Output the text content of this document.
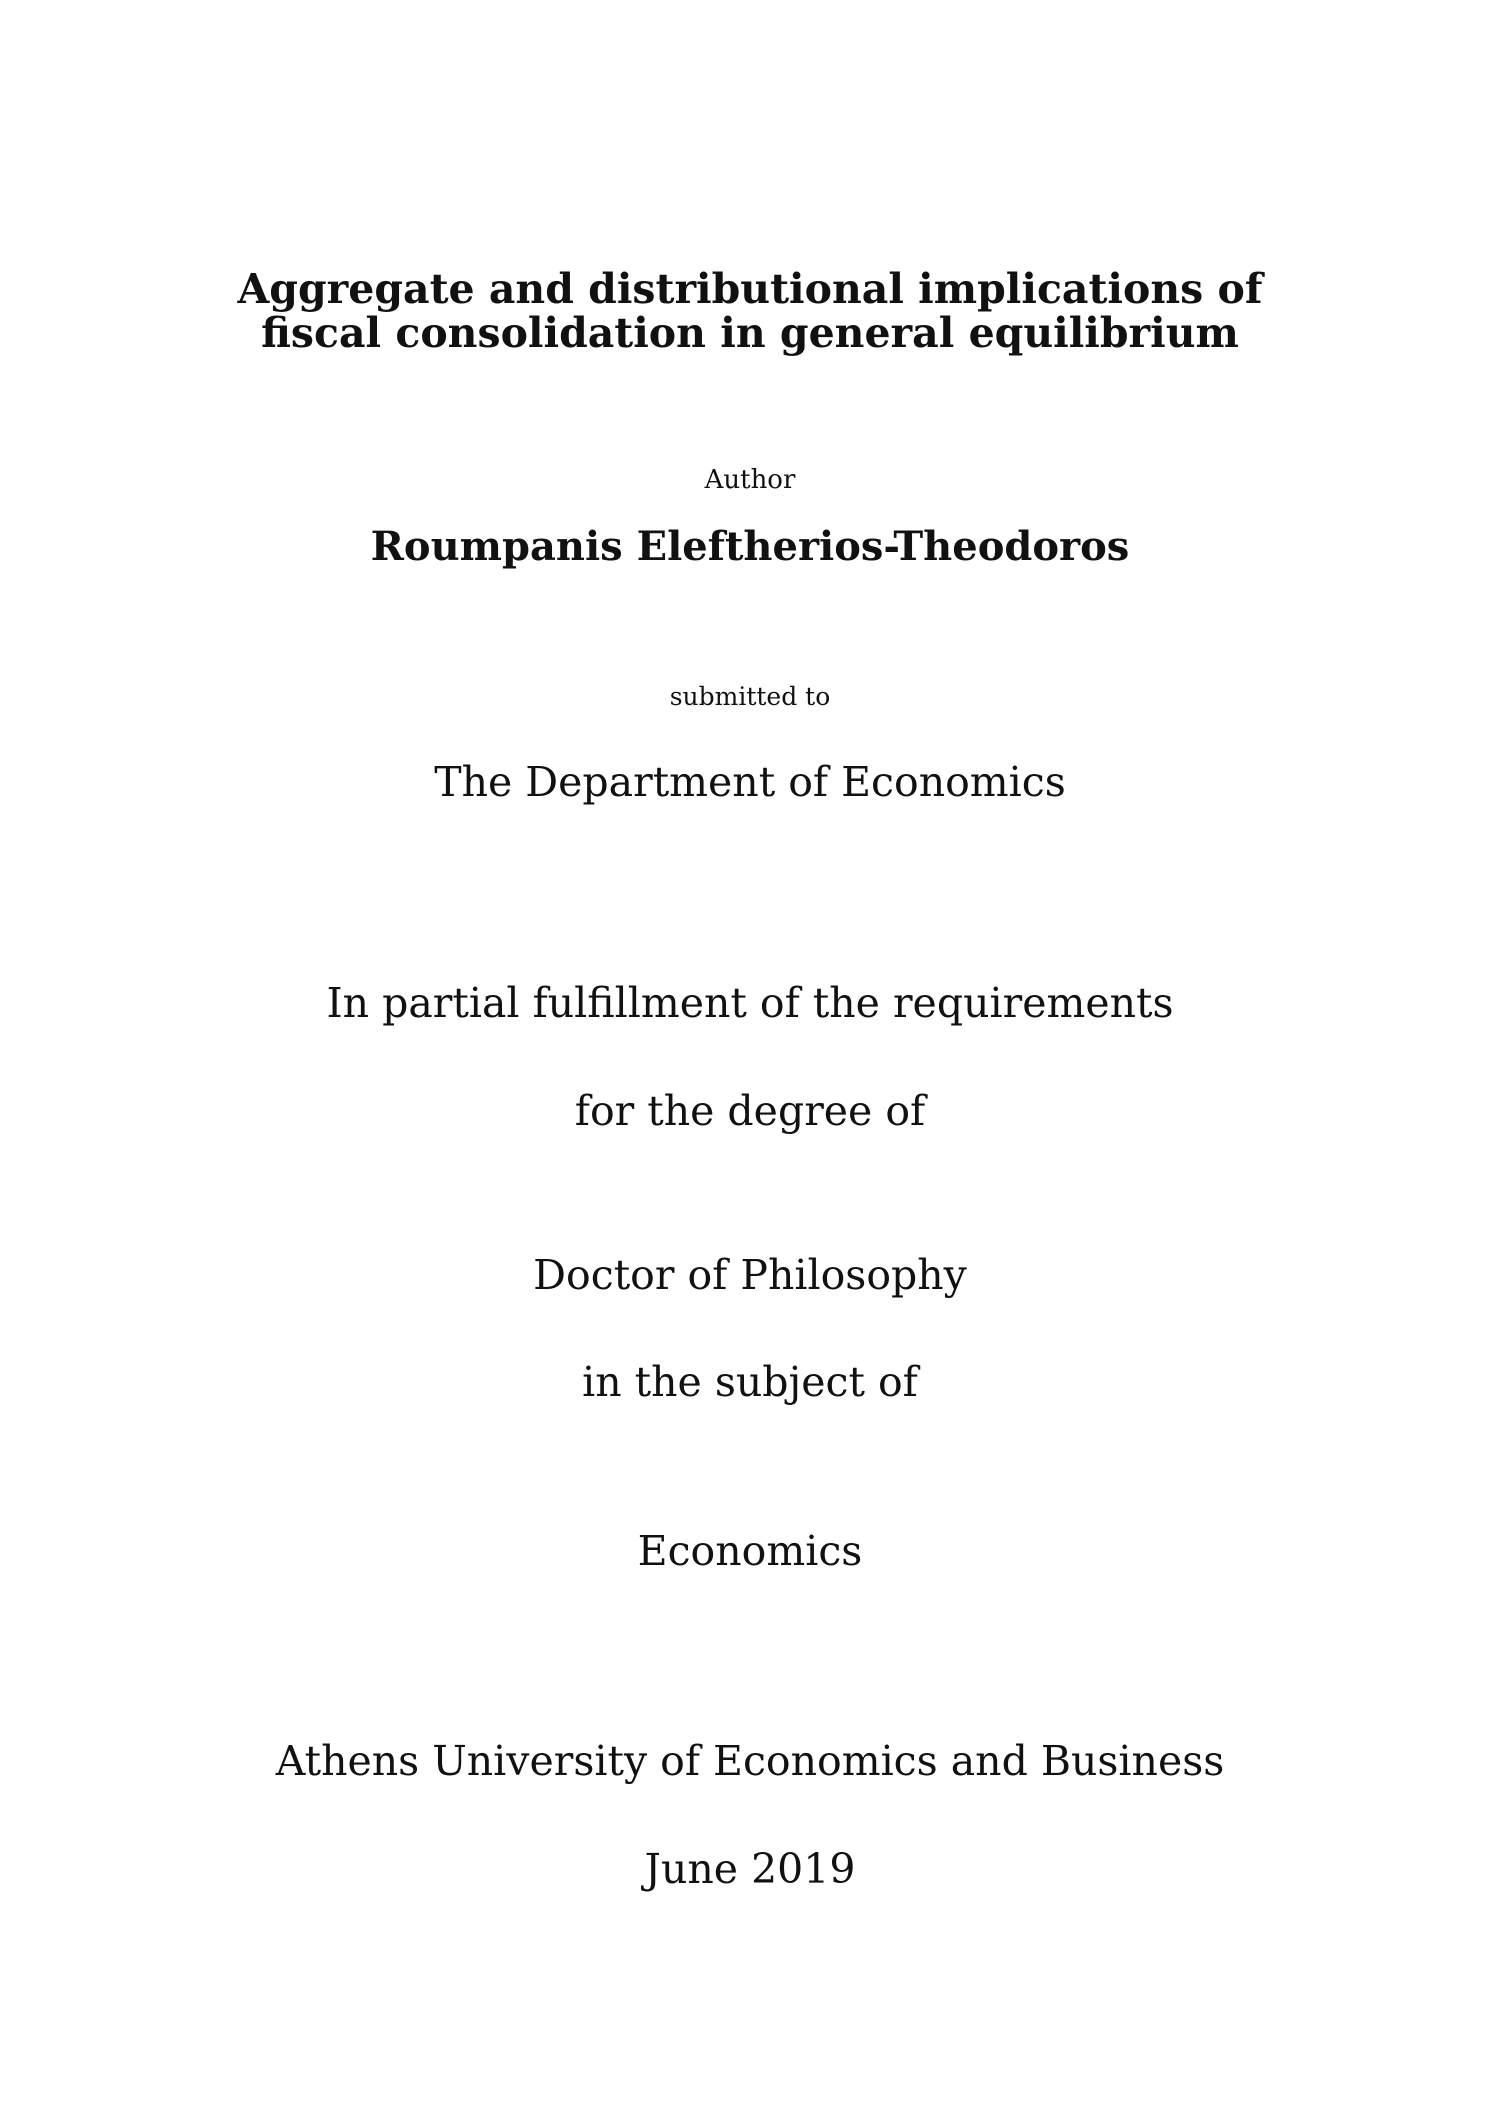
Aggregate and distributional implications of
fiscal consolidation in general equilibrium
Author
Roumpanis Eleftherios-Theodoros
submitted to
The Department of Economics
In partial fulfillment of the requirements
for the degree of
Doctor of Philosophy
in the subject of
Economics
Athens University of Economics and Business
June 2019
